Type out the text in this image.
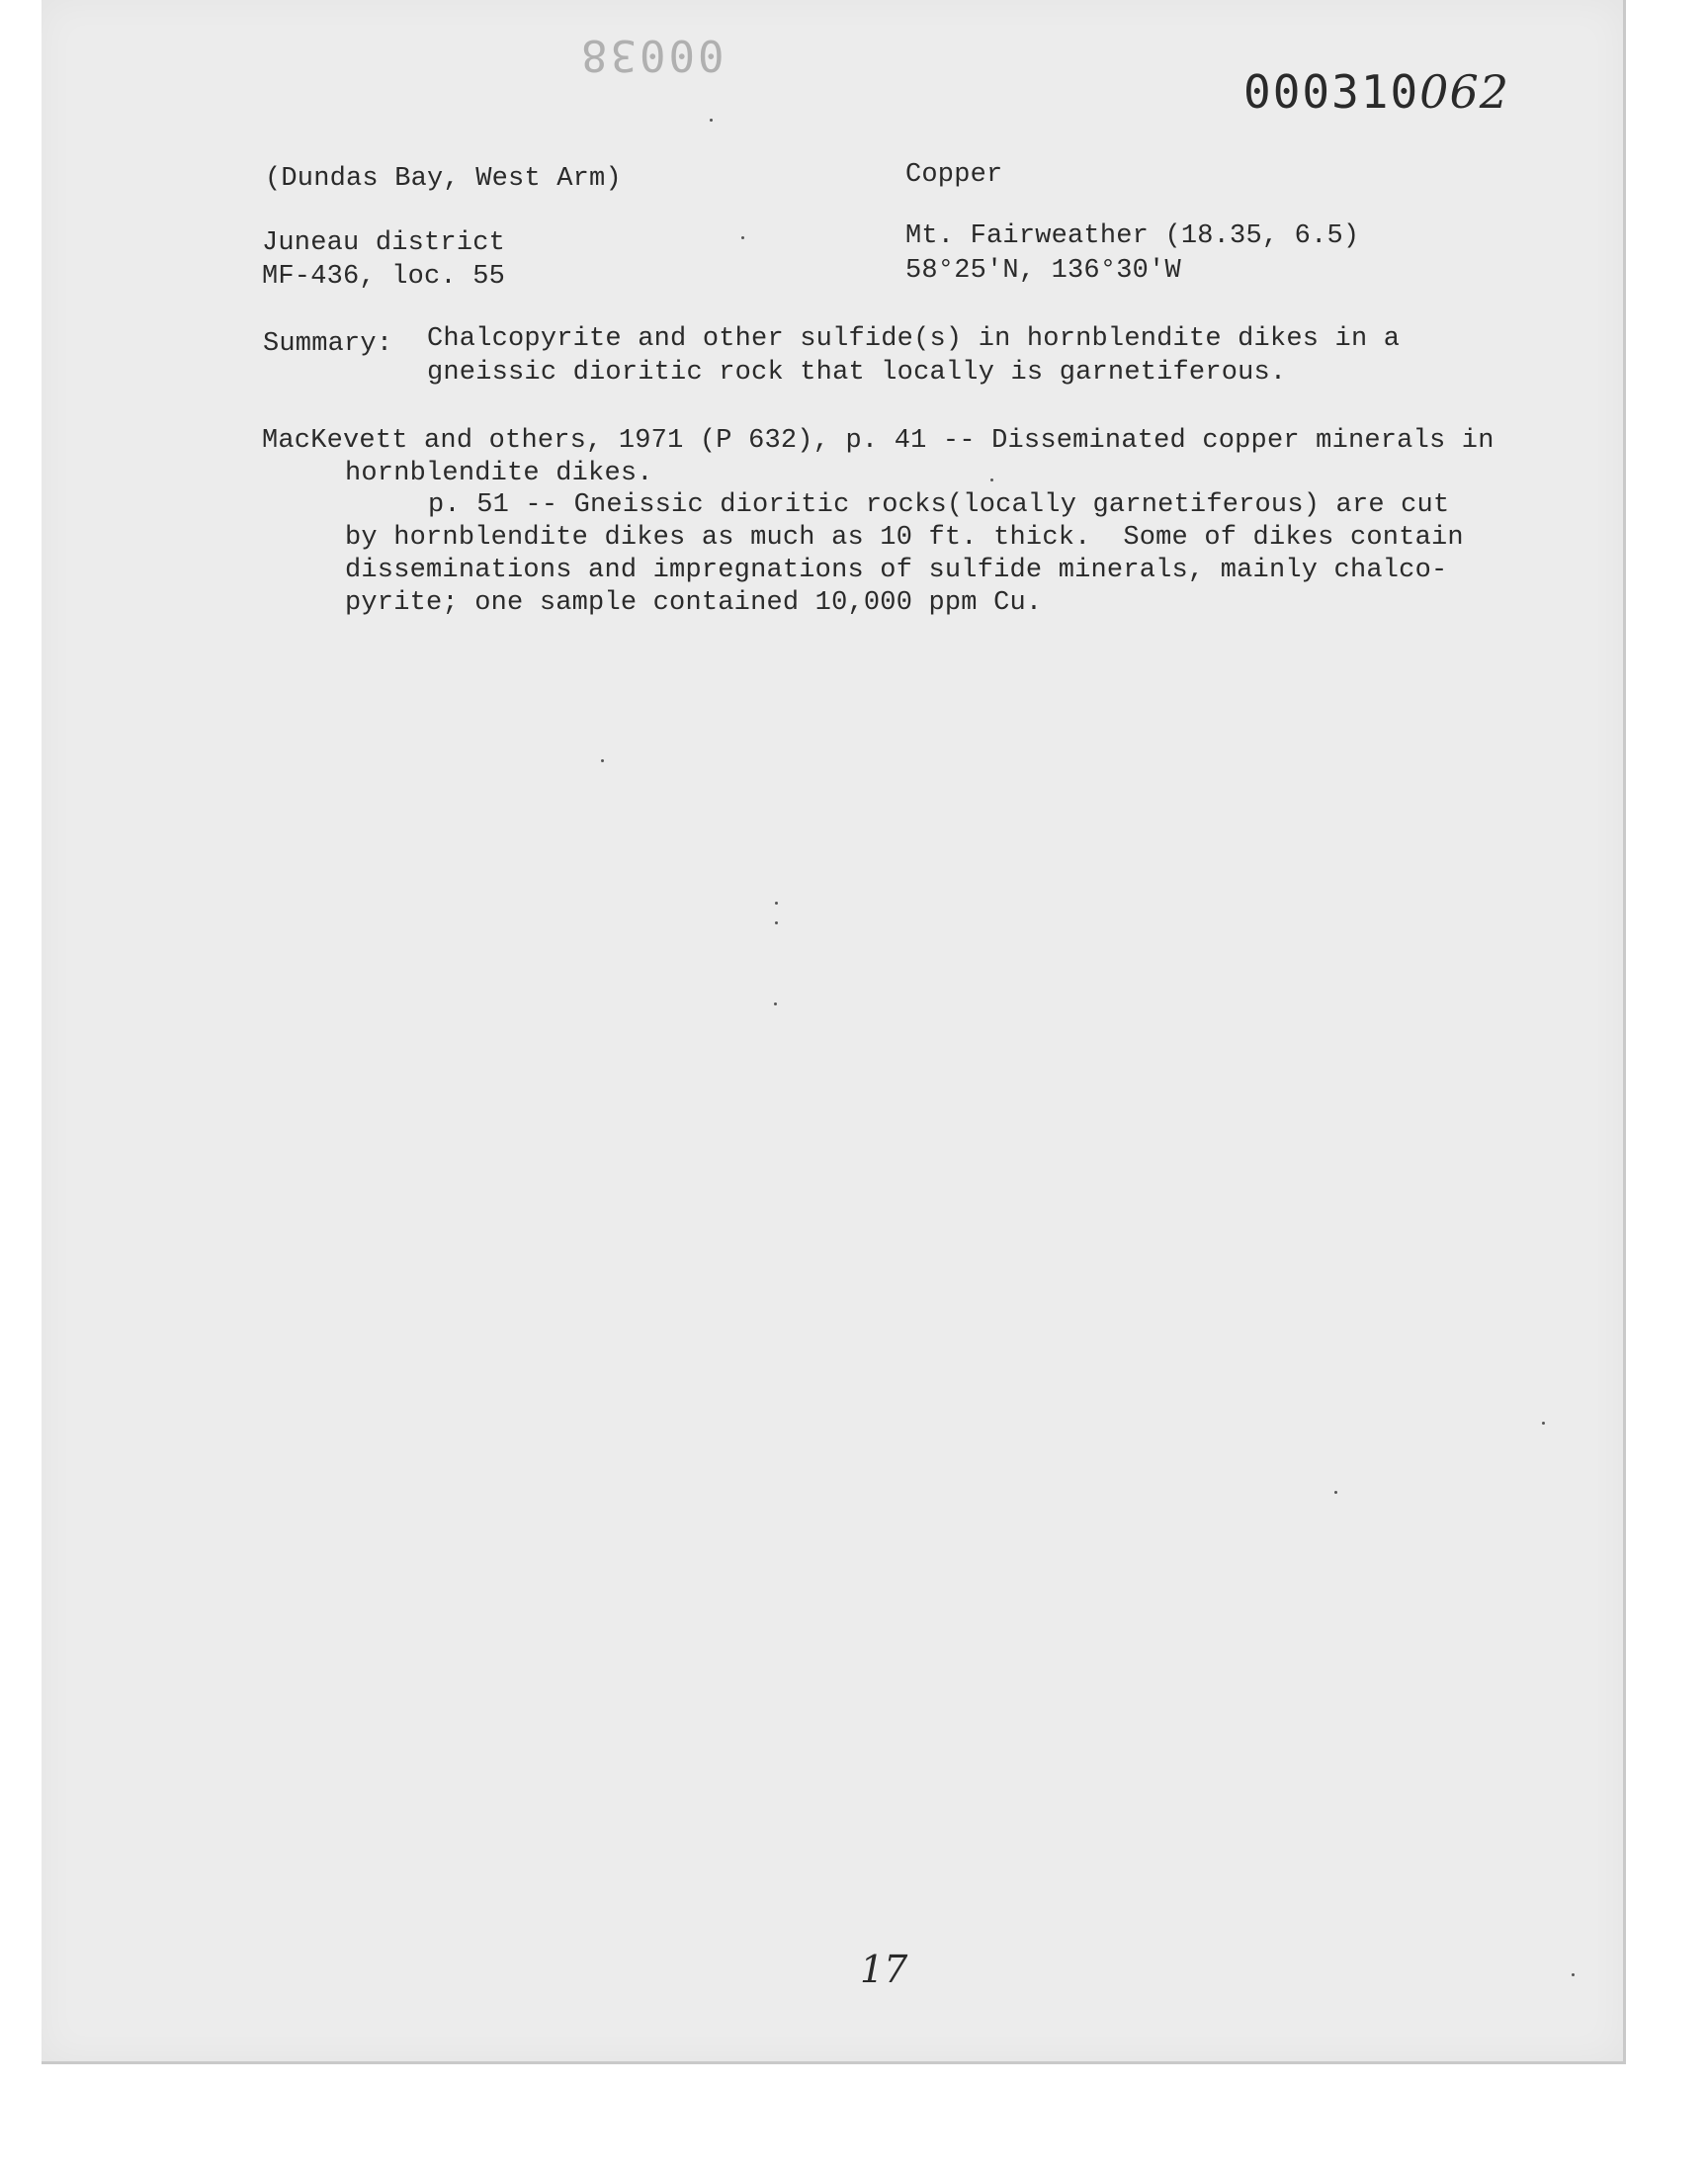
00038
000310062
(Dundas Bay, West Arm)	Copper
Juneau district	Mt. Fairweather (18.35, 6.5)
MF-436, loc. 55	58°25'N, 136°30'W
Summary: Chalcopyrite and other sulfide(s) in hornblendite dikes in a
gneissic dioritic rock that locally is garnetiferous.
MacKevett and others, 1971 (P 632), p. 41 -- Disseminated copper minerals in
hornblendite dikes.
p. 51 -- Gneissic dioritic rocks(locally garnetiferous) are cut
by hornblendite dikes as much as 10 ft. thick.  Some of dikes contain
disseminations and impregnations of sulfide minerals, mainly chalco-
pyrite; one sample contained 10,000 ppm Cu.
17
